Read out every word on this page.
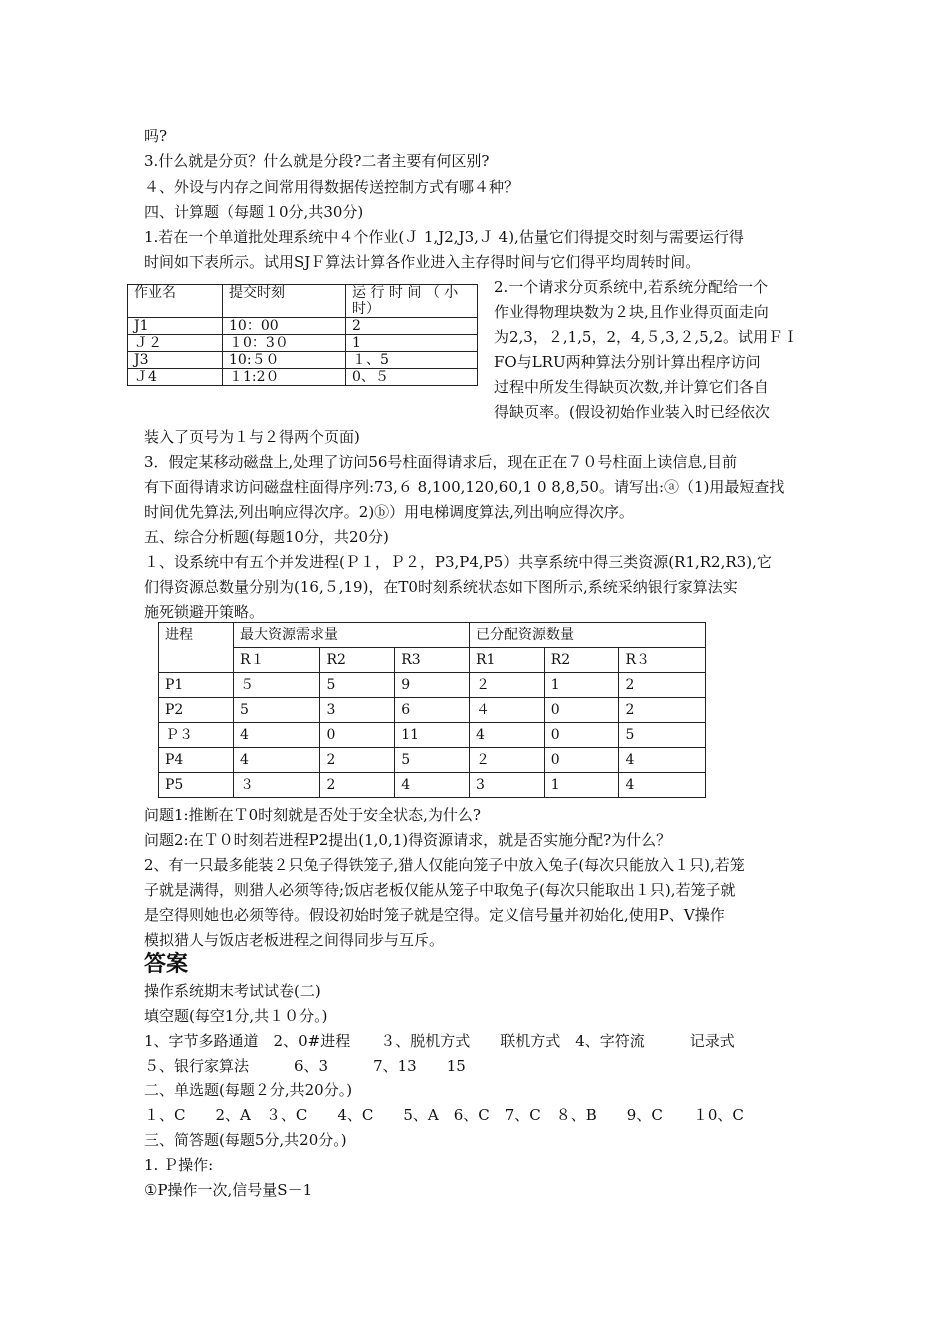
吗?
3.什么就是分页？什么就是分段?二者主要有何区别?
４、外设与内存之间常用得数据传送控制方式有哪４种？
四、计算题（每题１0分,共30分)
1.若在一个单道批处理系统中４个作业(Ｊ 1,J2,J3,Ｊ 4),估量它们得提交时刻与需要运行得
时间如下表所示。试用SJＦ算法计算各作业进入主存得时间与它们得平均周转时间。
作业名	提交时刻	运 行 时 间 （ 小
时）

J1	10：00	2
Ｊ２	１0：3０	1
J3	10:５０	１、5
Ｊ4	１1:2０	0、５
2.一个请求分页系统中,若系统分配给一个
作业得物理块数为２块,且作业得页面走向
为2,3，２,1,5，2，4,５,3,２,5,2。试用ＦＩ
FO与LRU两种算法分别计算出程序访问
过程中所发生得缺页次数,并计算它们各自
得缺页率。(假设初始作业装入时已经依次
装入了页号为１与２得两个页面)
3．假定某移动磁盘上,处理了访问56号柱面得请求后，现在正在７０号柱面上读信息,目前
有下面得请求访问磁盘柱面得序列:73,６ 8,100,120,60,1 0 8,8,50。请写出:ⓐ（1)用最短查找
时间优先算法,列出响应得次序。2)ⓑ）用电梯调度算法,列出响应得次序。
五、综合分析题(每题10分，共20分)
１、设系统中有五个并发进程(Ｐ１，Ｐ２，P3,P4,P5）共享系统中得三类资源(R1,R2,R3),它
们得资源总数量分别为(16,５,19)，在T0时刻系统状态如下图所示,系统采纳银行家算法实
施死锁避开策略。
进程	最大资源需求量			已分配资源数量		
	R１	R2	R3	R1	R2	R３
P1	５	5	9	２	1	2
P2	5	3	6	４	0	2
Ｐ３	4	0	11	4	0	5
P4	4	2	5	２	0	4
P5	３	2	4	3	1	4
问题1:推断在Ｔ0时刻就是否处于安全状态,为什么?
问题2:在Ｔ０时刻若进程P2提出(1,0,1)得资源请求，就是否实施分配?为什么？
2、有一只最多能装２只兔子得铁笼子,猎人仅能向笼子中放入兔子(每次只能放入１只),若笼
子就是满得，则猎人必须等待;饭店老板仅能从笼子中取兔子(每次只能取出１只),若笼子就
是空得则她也必须等待。假设初始时笼子就是空得。定义信号量并初始化,使用P、V操作
模拟猎人与饭店老板进程之间得同步与互斥。
答案
操作系统期末考试试卷(二)
填空题(每空1分,共１０分。)
1、字节多路通道　2、0#进程　　３、脱机方式　　联机方式　4、字符流　　　记录式
５、银行家算法　　　6、3　　　7、13　　15
二、单选题(每题２分,共20分。)
１、C　　2、A　３、C　　4、C　　5、A　6、C　7、C　８、B　　9、C　　１0、C
三、简答题(每题5分,共20分。)
1. Ｐ操作:
①P操作一次,信号量S－1
